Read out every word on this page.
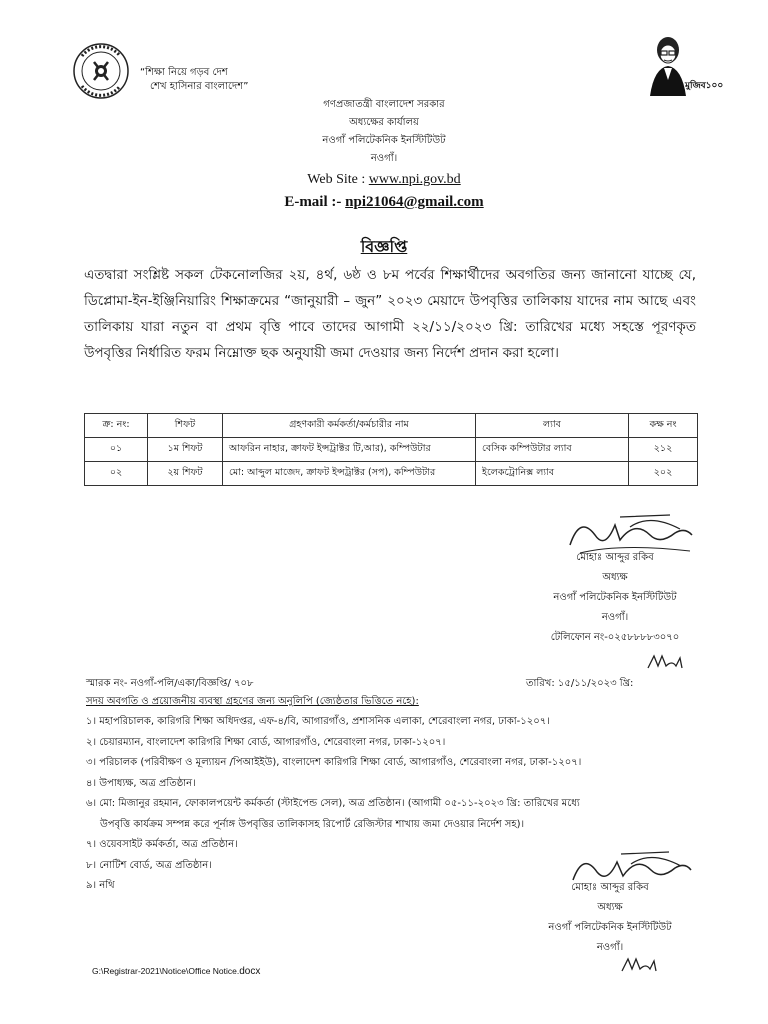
“শিক্ষা নিয়ে গড়ব দেশ
শেখ হাসিনার বাংলাদেশ”	মুজিব১০০
গণপ্রজাতন্ত্রী বাংলাদেশ সরকার
অধ্যক্ষের কার্যালয়
নওগাঁ পলিটেকনিক ইনস্টিটিউট
নওগাঁ।
Web Site : www.npi.gov.bd
E-mail :- npi21064@gmail.com
বিজ্ঞপ্তি
এতদ্বারা সংশ্লিষ্ট সকল টেকনোলজির ২য়, ৪র্থ, ৬ষ্ঠ ও ৮ম পর্বের শিক্ষার্থীদের অবগতির জন্য জানানো যাচ্ছে যে, ডিপ্লোমা-ইন-ইঞ্জিনিয়ারিং শিক্ষাক্রমের “জানুয়ারী – জুন” ২০২৩ মেয়াদে উপবৃত্তির তালিকায় যাদের নাম আছে এবং তালিকায় যারা নতুন বা প্রথম বৃত্তি পাবে তাদের আগামী ২২/১১/২০২৩ খ্রি: তারিখের মধ্যে সহস্তে পূরণকৃত উপবৃত্তির নির্ধারিত ফরম নিম্নোক্ত ছক অনুযায়ী জমা দেওয়ার জন্য নির্দেশ প্রদান করা হলো।
ক্র: নং:	শিফট	গ্রহণকারী কর্মকর্তা/কর্মচারীর নাম	ল্যাব	কক্ষ নং
০১	১ম শিফট	আফরিন নাহার, ক্রাফট ইন্সট্রাক্টর টি,আর), কম্পিউটার	বেসিক কম্পিউটার ল্যাব	২১২
০২	২য় শিফট	মো: আব্দুল মাজেদ, ক্রাফট ইন্সট্রাক্টর (সপ), কম্পিউটার	ইলেকট্রোনিক্স ল্যাব	২০২
মোহাঃ আব্দুর রকিব
অধ্যক্ষ
নওগাঁ পলিটেকনিক ইনস্টিটিউট
নওগাঁ।
টেলিফোন নং-০২৫৮৮৮৮৩০৭০
স্মারক নং- নওগাঁ-পলি/একা/বিজ্ঞপ্তি/ ৭০৮	তারিখ: ১৫/১১/২০২৩ খ্রি:
সদয় অবগতি ও প্রয়োজনীয় ব্যবস্থা গ্রহণের জন্য অনুলিপি (জ্যেষ্ঠতার ভিত্তিতে নহে):
১। মহাপরিচালক, কারিগরি শিক্ষা অধিদপ্তর, এফ-৪/বি, আগারগাঁও, প্রশাসনিক এলাকা, শেরেবাংলা নগর, ঢাকা-১২০৭।
২। চেয়ারম্যান, বাংলাদেশ কারিগরি শিক্ষা বোর্ড, আগারগাঁও, শেরেবাংলা নগর, ঢাকা-১২০৭।
৩। পরিচালক (পরিবীক্ষণ ও মূল্যায়ন /পিআইইউ), বাংলাদেশ কারিগরি শিক্ষা বোর্ড, আগারগাঁও, শেরেবাংলা নগর, ঢাকা-১২০৭।
৪। উপাধ্যক্ষ, অত্র প্রতিষ্ঠান।
৬। মো: মিজানুর রহমান, ফোকালপয়েন্ট কর্মকর্তা (স্টাইপেন্ড সেল), অত্র প্রতিষ্ঠান। (আগামী ০৫-১১-২০২৩ খ্রি: তারিখের মধ্যে
উপবৃত্তি কার্যক্রম সম্পন্ন করে পূর্নাঙ্গ উপবৃত্তির তালিকাসহ রিপোর্ট রেজিস্টার শাখায় জমা দেওয়ার নির্দেশ সহ)।
৭। ওয়েবসাইট কর্মকর্তা, অত্র প্রতিষ্ঠান।
৮। নোটিশ বোর্ড, অত্র প্রতিষ্ঠান।
৯। নথি	মোহাঃ আব্দুর রকিব
অধ্যক্ষ
নওগাঁ পলিটেকনিক ইনস্টিটিউট
নওগাঁ।
G:\Registrar-2021\Notice\Office Notice.docx
